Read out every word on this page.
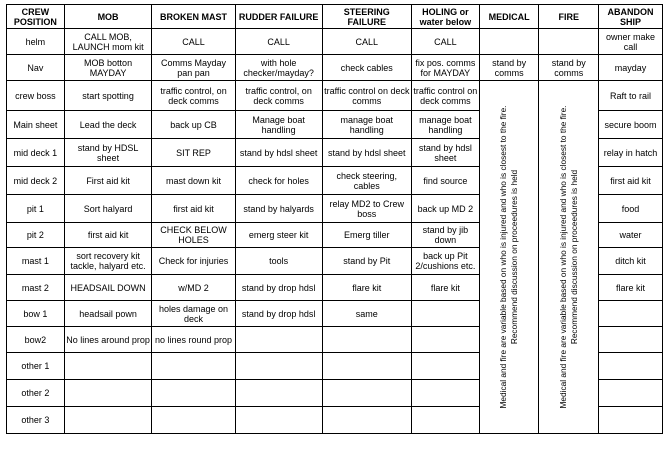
CREW POSITION	MOB	BROKEN MAST	RUDDER FAILURE	STEERING FAILURE	HOLING or water below	MEDICAL	FIRE	ABANDON SHIP
helm	CALL MOB, LAUNCH mom kit	CALL	CALL	CALL	CALL			owner make call
Nav	MOB botton MAYDAY	Comms Mayday pan pan	with hole checker/mayday?	check cables	fix pos. comms for MAYDAY	stand by comms	stand by comms	mayday
crew boss	start spotting	traffic control, on deck comms	traffic control, on deck comms	traffic control on deck comms	traffic control on deck comms	Medical and fire are variable based on who is injured and who is closest to the fire. Recommend discussion on proceedures is held	Medical and fire are variable based on who is injured and who is closest to the fire. Recommend discussion on proceedures is held	Raft to rail
Main sheet	Lead the deck	back up CB	Manage boat handling	manage boat handling	manage boat handling			secure boom
mid deck 1	stand by HDSL sheet	SIT REP	stand by hdsl sheet	stand by hdsl sheet	stand by hdsl sheet			relay in hatch
mid deck 2	First aid kit	mast down kit	check for holes	check steering, cables	find source			first aid kit
pit 1	Sort halyard	first aid kit	stand by halyards	relay MD2 to Crew boss	back up MD 2			food
pit 2	first aid kit	CHECK BELOW HOLES	emerg steer kit	Emerg tiller	stand by jib down			water
mast 1	sort recovery kit tackle, halyard etc.	Check for injuries	tools	stand by Pit	back up Pit 2/cushions etc.			ditch kit
mast 2	HEADSAIL DOWN	w/MD 2	stand by drop hdsl	flare kit	flare kit			flare kit
bow 1	headsail pown	holes damage on deck	stand by drop hdsl	same				
bow2	No lines around prop	no lines round prop						
other 1								
other 2								
other 3								
